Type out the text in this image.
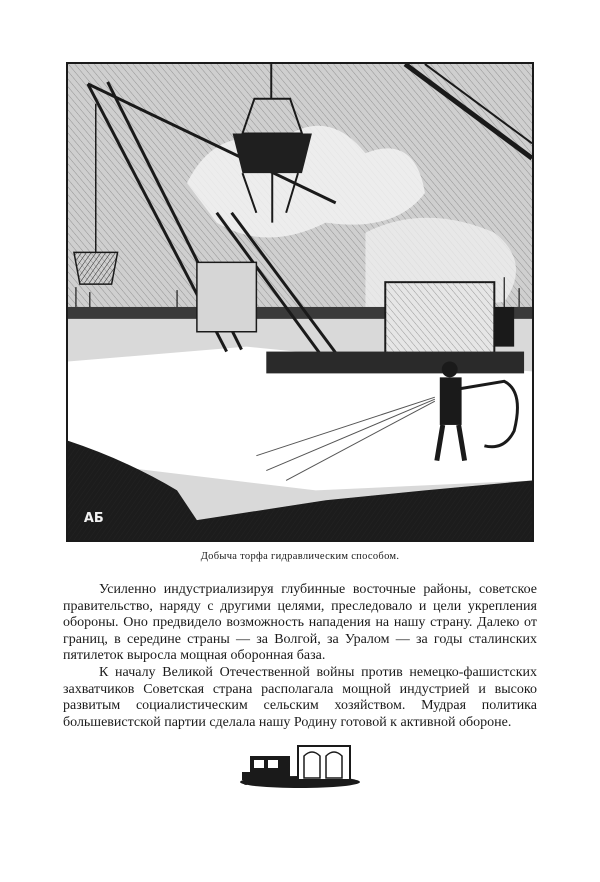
АБ
Добыча торфа гидравлическим способом.

Усиленно индустриализируя глубинные восточные районы, советское правительство, наряду с другими целями, преследовало и цели укрепления обороны. Оно предвидело возможность нападения на нашу страну. Далеко от границ, в середине страны — за Волгой, за Уралом — за годы сталинских пятилеток выросла мощная оборонная база.

К началу Великой Отечественной войны против немецко-фашистских захватчиков Советская страна располагала мощной индустрией и высоко развитым социалистическим сельским хозяйством. Мудрая политика большевистской партии сделала нашу Родину готовой к активной обороне.
